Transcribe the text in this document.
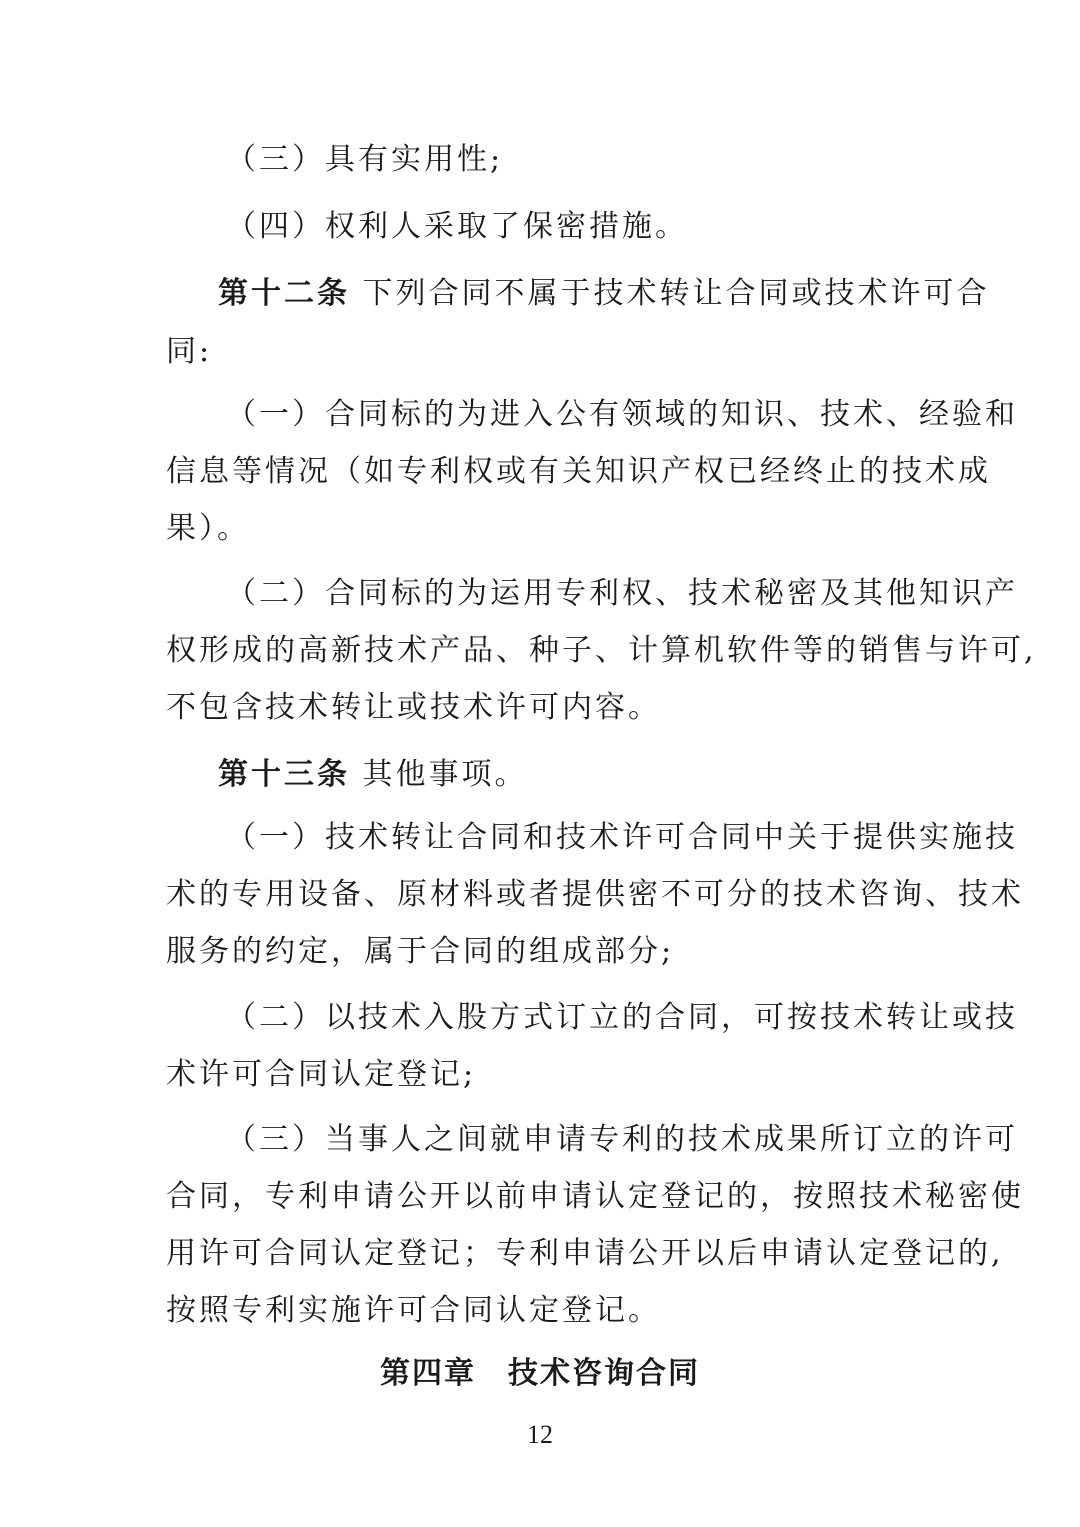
（三）具有实用性;
（四）权利人采取了保密措施。
第十二条 下列合同不属于技术转让合同或技术许可合
同:
（一）合同标的为进入公有领域的知识、技术、经验和
信息等情况（如专利权或有关知识产权已经终止的技术成
果）。
（二）合同标的为运用专利权、技术秘密及其他知识产
权形成的高新技术产品、种子、计算机软件等的销售与许可,
不包含技术转让或技术许可内容。
第十三条 其他事项。
（一）技术转让合同和技术许可合同中关于提供实施技
术的专用设备、原材料或者提供密不可分的技术咨询、技术
服务的约定，属于合同的组成部分;
（二）以技术入股方式订立的合同，可按技术转让或技
术许可合同认定登记;
（三）当事人之间就申请专利的技术成果所订立的许可
合同，专利申请公开以前申请认定登记的，按照技术秘密使
用许可合同认定登记；专利申请公开以后申请认定登记的,
按照专利实施许可合同认定登记。
第四章　技术咨询合同
12
